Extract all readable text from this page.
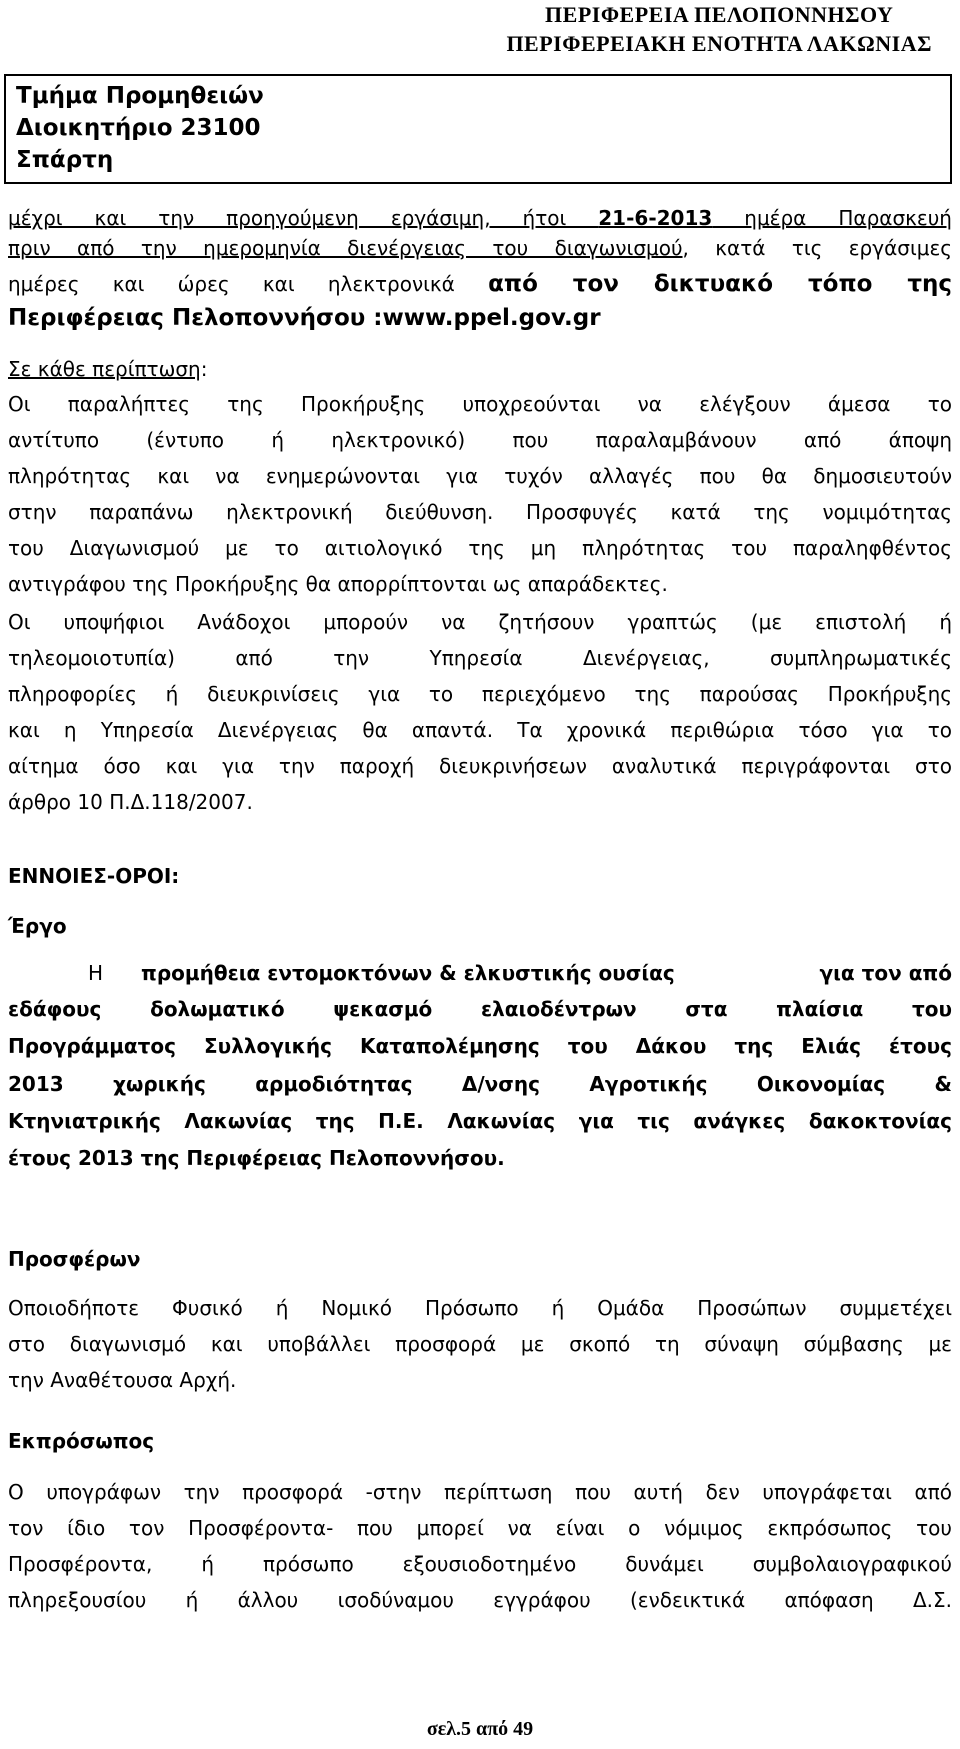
ΠΕΡΙΦΕΡΕΙΑ ΠΕΛΟΠΟΝΝΗΣΟΥ
ΠΕΡΙΦΕΡΕΙΑΚΗ ΕΝΟΤΗΤΑ ΛΑΚΩΝΙΑΣ
Τμήμα Προμηθειών
Διοικητήριο 23100
Σπάρτη
μέχρι και την προηγούμενη εργάσιμη, ήτοι 21-6-2013 ημέρα Παρασκευή
πριν από την ημερομηνία διενέργειας του διαγωνισμού, κατά τις εργάσιμες
ημέρες και ώρες και ηλεκτρονικά από τον δικτυακό τόπο της
Περιφέρειας Πελοποννήσου :www.ppel.gov.gr
Σε κάθε περίπτωση:
Οι παραλήπτες της Προκήρυξης υποχρεούνται να ελέγξουν άμεσα το
αντίτυπο (έντυπο ή ηλεκτρονικό) που παραλαμβάνουν από άποψη
πληρότητας και να ενημερώνονται για τυχόν αλλαγές που θα δημοσιευτούν
στην παραπάνω ηλεκτρονική διεύθυνση. Προσφυγές κατά της νομιμότητας
του Διαγωνισμού με το αιτιολογικό της μη πληρότητας του παραληφθέντος
αντιγράφου της Προκήρυξης θα απορρίπτονται ως απαράδεκτες.
Οι υποψήφιοι Ανάδοχοι μπορούν να ζητήσουν γραπτώς (με επιστολή ή
τηλεομοιοτυπία) από την Υπηρεσία Διενέργειας, συμπληρωματικές
πληροφορίες ή διευκρινίσεις για το περιεχόμενο της παρούσας Προκήρυξης
και η Υπηρεσία Διενέργειας θα απαντά. Τα χρονικά περιθώρια τόσο για το
αίτημα όσο και για την παροχή διευκρινήσεων αναλυτικά περιγράφονται στο
άρθρο 10 Π.Δ.118/2007.
ΕΝΝΟΙΕΣ-ΟΡΟΙ:
Έργο
Η προμήθεια εντομοκτόνων & ελκυστικής ουσίας	για τον από
εδάφους δολωματικό ψεκασμό ελαιοδέντρων στα πλαίσια του
Προγράμματος Συλλογικής Καταπολέμησης του Δάκου της Ελιάς έτους
2013 χωρικής αρμοδιότητας Δ/νσης Αγροτικής Οικονομίας &
Κτηνιατρικής Λακωνίας της Π.Ε. Λακωνίας για τις ανάγκες δακοκτονίας
έτους 2013 της Περιφέρειας Πελοποννήσου.
Προσφέρων
Οποιοδήποτε Φυσικό ή Νομικό Πρόσωπο ή Ομάδα Προσώπων συμμετέχει
στο διαγωνισμό και υποβάλλει προσφορά με σκοπό τη σύναψη σύμβασης με
την Αναθέτουσα Αρχή.
Εκπρόσωπος
Ο υπογράφων την προσφορά -στην περίπτωση που αυτή δεν υπογράφεται από
τον ίδιο τον Προσφέροντα- που μπορεί να είναι ο νόμιμος εκπρόσωπος του
Προσφέροντα, ή πρόσωπο εξουσιοδοτημένο δυνάμει συμβολαιογραφικού
πληρεξουσίου ή άλλου ισοδύναμου εγγράφου (ενδεικτικά απόφαση Δ.Σ.
σελ.5 από 49
